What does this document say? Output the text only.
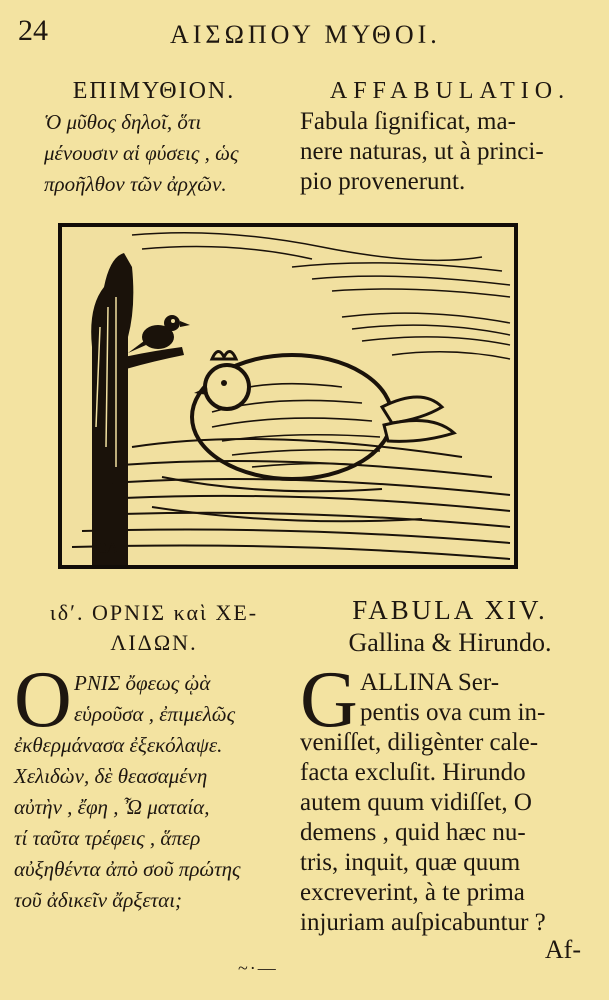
24	ΑΙΣΩΠΟΥ ΜΥΘΟΙ.
ΕΠΙΜΥΘΙΟΝ.
Ὁ μῦθος δηλοῖ, ὅτι
μένουσιν αἱ φύσεις , ὡς
προῆλθον τῶν ἀρχῶν.
AFFABULATIO.
Fabula ſignificat, ma-
nere naturas, ut à princi-
pio provenerunt.
CA
ιδʹ. ΟΡΝΙΣ καὶ ΧΕ-
ΛΙΔΩΝ.
O ΡΝΙΣ ὄφεως ᾠὰ
εὑροῦσα , ἐπιμελῶς
ἐκθερμάνασα ἐξεκόλαψε.
Χελιδὼν, δὲ θεασαμένη
αὐτὴν , ἔφη , Ὦ ματαία,
τί ταῦτα τρέφεις , ἅπερ
αὐξηθέντα ἀπὸ σοῦ πρώτης
τοῦ ἀδικεῖν ἄρξεται;
FABULA XIV.
Gallina & Hirundo.
G ALLINA Ser-
pentis ova cum in-
veniſſet, diligènter cale-
facta excluſit. Hirundo
autem quum vidiſſet, O
demens , quid hæc nu-
tris, inquit, quæ quum
excreverint, à te prima
injuriam auſpicabuntur ?
Af-
~·—
